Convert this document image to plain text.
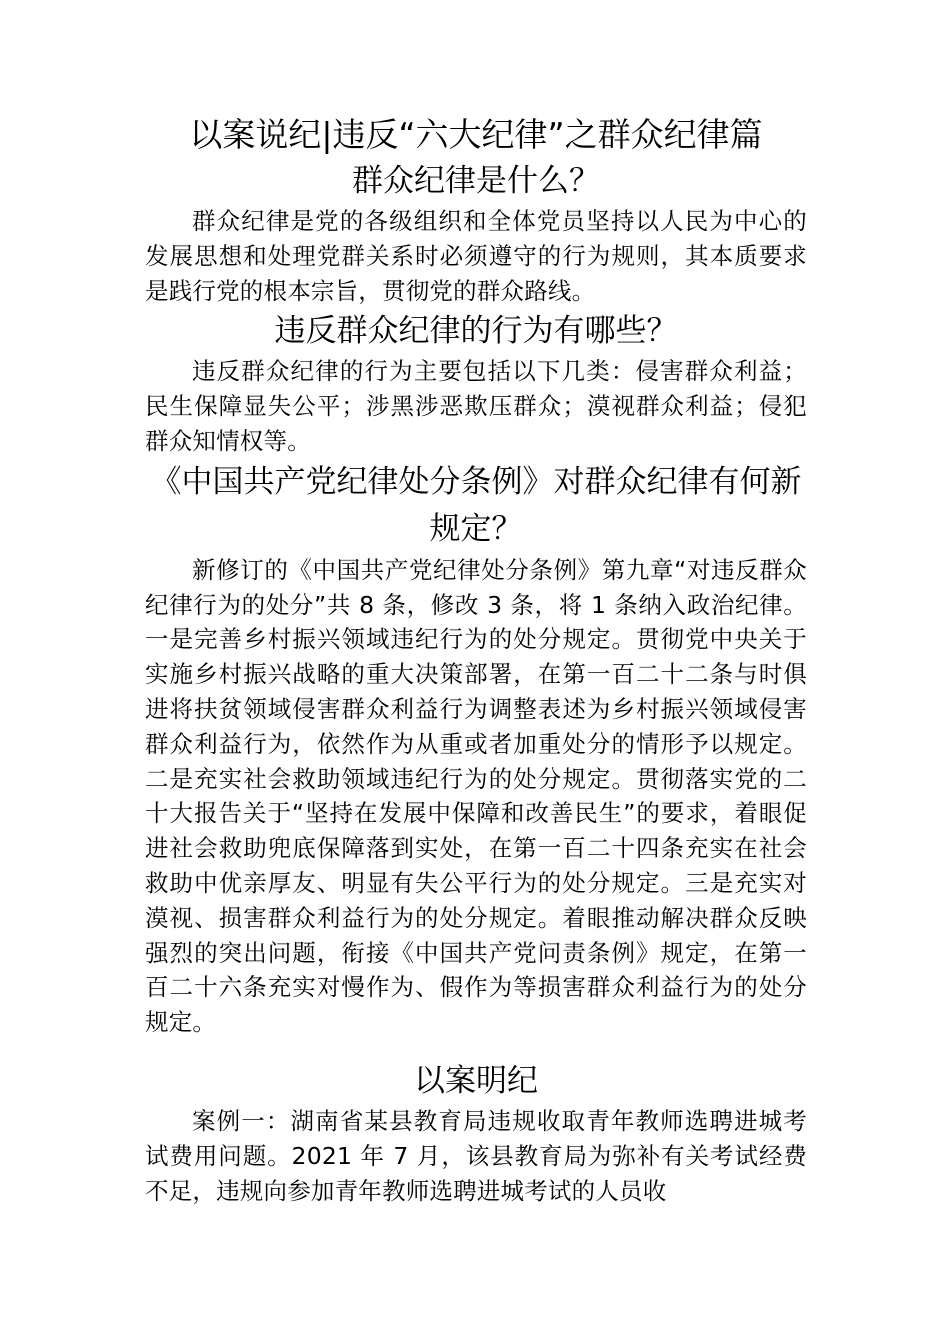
以案说纪|违反“六大纪律”之群众纪律篇
群众纪律是什么？

群众纪律是党的各级组织和全体党员坚持以人民为中心的发展思想和处理党群关系时必须遵守的行为规则，其本质要求是践行党的根本宗旨，贯彻党的群众路线。

违反群众纪律的行为有哪些？

违反群众纪律的行为主要包括以下几类：侵害群众利益；民生保障显失公平；涉黑涉恶欺压群众；漠视群众利益；侵犯群众知情权等。

《中国共产党纪律处分条例》对群众纪律有何新规定？

新修订的《中国共产党纪律处分条例》第九章“对违反群众纪律行为的处分”共 8 条，修改 3 条，将 1 条纳入政治纪律。一是完善乡村振兴领域违纪行为的处分规定。贯彻党中央关于实施乡村振兴战略的重大决策部署，在第一百二十二条与时俱进将扶贫领域侵害群众利益行为调整表述为乡村振兴领域侵害群众利益行为，依然作为从重或者加重处分的情形予以规定。二是充实社会救助领域违纪行为的处分规定。贯彻落实党的二十大报告关于“坚持在发展中保障和改善民生”的要求，着眼促进社会救助兜底保障落到实处，在第一百二十四条充实在社会救助中优亲厚友、明显有失公平行为的处分规定。三是充实对漠视、损害群众利益行为的处分规定。着眼推动解决群众反映强烈的突出问题，衔接《中国共产党问责条例》规定，在第一百二十六条充实对慢作为、假作为等损害群众利益行为的处分规定。

以案明纪

案例一：湖南省某县教育局违规收取青年教师选聘进城考试费用问题。2021 年 7 月，该县教育局为弥补有关考试经费不足，违规向参加青年教师选聘进城考试的人员收
